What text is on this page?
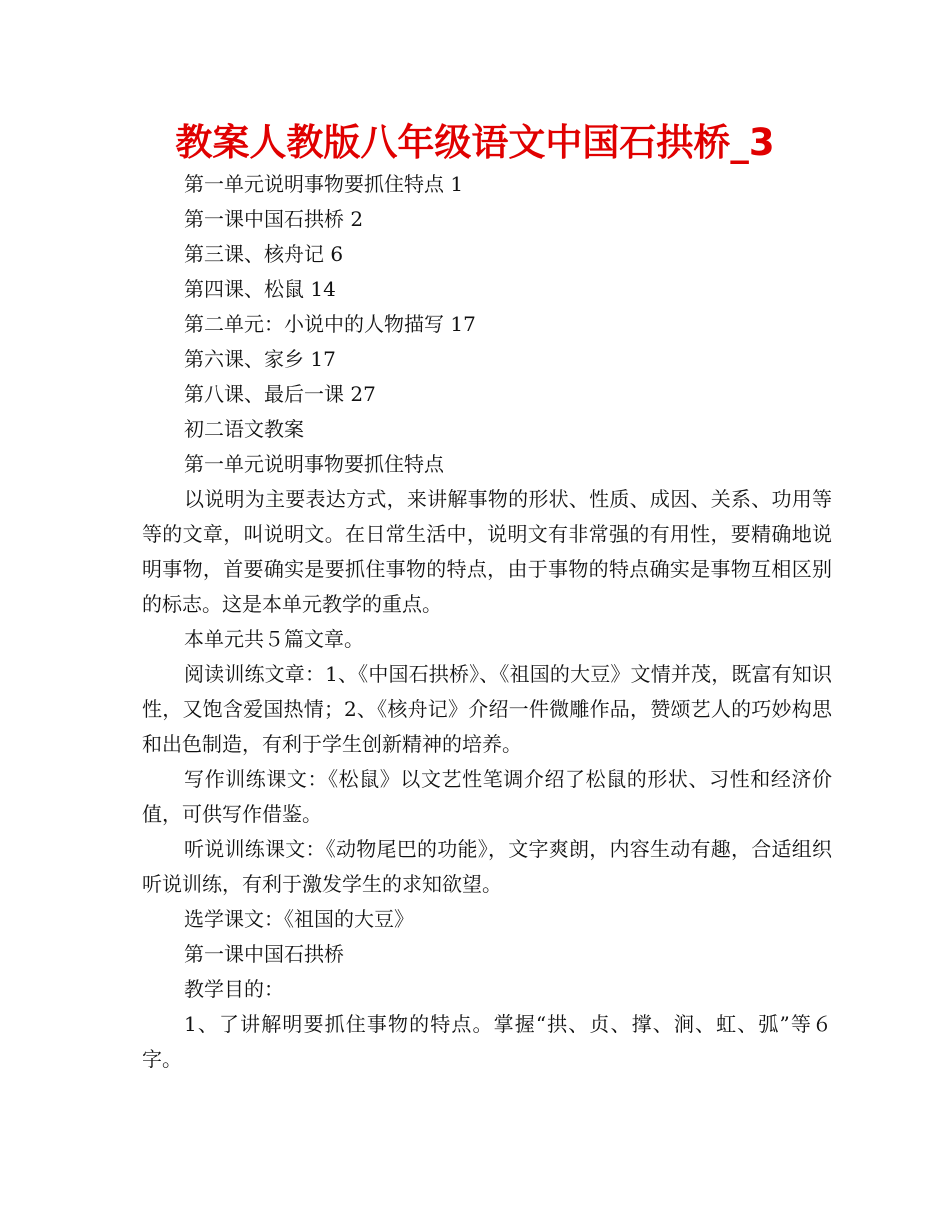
教案人教版八年级语文中国石拱桥_3

第一单元说明事物要抓住特点 1

第一课中国石拱桥 2

第三课、核舟记 6

第四课、松鼠 14

第二单元：小说中的人物描写 17

第六课、家乡 17

第八课、最后一课 27

初二语文教案

第一单元说明事物要抓住特点

以说明为主要表达方式，来讲解事物的形状、性质、成因、关系、功用等等的文章，叫说明文。在日常生活中，说明文有非常强的有用性，要精确地说明事物，首要确实是要抓住事物的特点，由于事物的特点确实是事物互相区别的标志。这是本单元教学的重点。

本单元共５篇文章。

阅读训练文章：1、《中国石拱桥》、《祖国的大豆》文情并茂，既富有知识性，又饱含爱国热情；2、《核舟记》介绍一件微雕作品，赞颂艺人的巧妙构思和出色制造，有利于学生创新精神的培养。

写作训练课文：《松鼠》以文艺性笔调介绍了松鼠的形状、习性和经济价值，可供写作借鉴。

听说训练课文：《动物尾巴的功能》，文字爽朗，内容生动有趣，合适组织听说训练，有利于激发学生的求知欲望。

选学课文：《祖国的大豆》

第一课中国石拱桥

教学目的：

1、了讲解明要抓住事物的特点。掌握“拱、贞、撑、涧、虹、弧”等６字。
